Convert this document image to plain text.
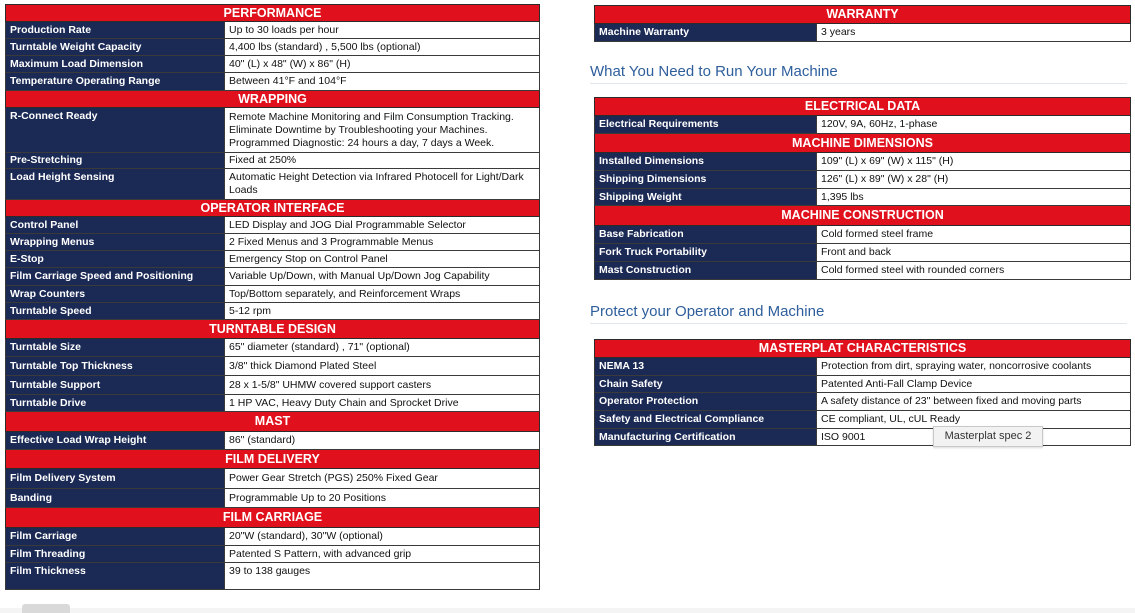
PERFORMANCE	
Production Rate	Up to 30 loads per hour
Turntable Weight Capacity	4,400 lbs (standard) , 5,500 lbs (optional)
Maximum Load Dimension	40" (L) x 48" (W) x 86" (H)
Temperature Operating Range	Between 41°F and 104°F
WRAPPING	
R-Connect Ready	Remote Machine Monitoring and Film Consumption Tracking. Eliminate Downtime by Troubleshooting your Machines. Programmed Diagnostic: 24 hours a day, 7 days a Week.
Pre-Stretching	Fixed at 250%
Load Height Sensing	Automatic Height Detection via Infrared Photocell for Light/Dark Loads
OPERATOR INTERFACE	
Control Panel	LED Display and JOG Dial Programmable Selector
Wrapping Menus	2 Fixed Menus and 3 Programmable Menus
E-Stop	Emergency Stop on Control Panel
Film Carriage Speed and Positioning	Variable Up/Down, with Manual Up/Down Jog Capability
Wrap Counters	Top/Bottom separately, and Reinforcement Wraps
Turntable Speed	5-12 rpm
TURNTABLE DESIGN	
Turntable Size	65" diameter (standard) , 71" (optional)
Turntable Top Thickness	3/8" thick Diamond Plated Steel
Turntable Support	28 x 1-5/8" UHMW covered support casters
Turntable Drive	1 HP VAC, Heavy Duty Chain and Sprocket Drive
MAST	
Effective Load Wrap Height	86" (standard)
FILM DELIVERY	
Film Delivery System	Power Gear Stretch (PGS) 250% Fixed Gear
Banding	Programmable Up to 20 Positions
FILM CARRIAGE	
Film Carriage	20"W (standard), 30"W (optional)
Film Threading	Patented S Pattern, with advanced grip
Film Thickness	39 to 138 gauges
WARRANTY
Machine Warranty	3 years
What You Need to Run Your Machine
ELECTRICAL DATA	
Electrical Requirements	120V, 9A, 60Hz, 1-phase
MACHINE DIMENSIONS	
Installed Dimensions	109" (L) x 69" (W) x 115" (H)
Shipping Dimensions	126" (L) x 89" (W) x 28" (H)
Shipping Weight	1,395 lbs
MACHINE CONSTRUCTION	
Base Fabrication	Cold formed steel frame
Fork Truck Portability	Front and back
Mast Construction	Cold formed steel with rounded corners
Protect your Operator and Machine
MASTERPLAT CHARACTERISTICS	
NEMA 13	Protection from dirt, spraying water, noncorrosive coolants
Chain Safety	Patented Anti-Fall Clamp Device
Operator Protection	A safety distance of 23" between fixed and moving parts
Safety and Electrical Compliance	CE compliant, UL, cUL Ready
Manufacturing Certification	ISO 9001	Masterplat spec 2
